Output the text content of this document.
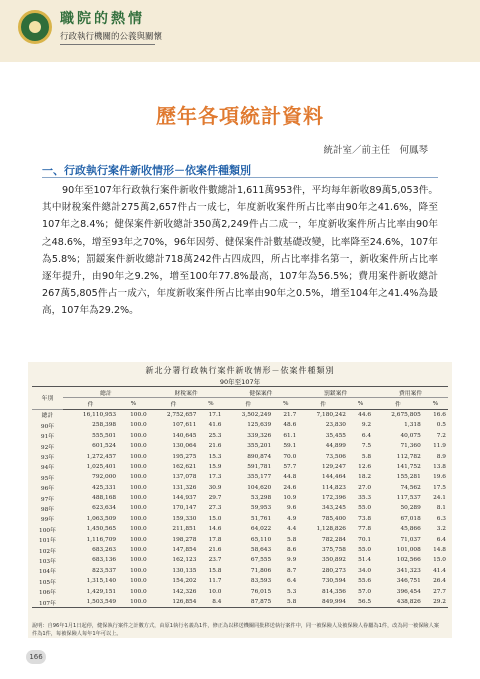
職院的熱情
行政執行機關的公義與關懷
歷年各項統計資料
統計室／前主任　何鳳琴
一、行政執行案件新收情形－依案件種類別
90年至107年行政執行案件新收件數總計1,611萬953件，平均每年新收89萬5,053件。其中財稅案件總計275萬2,657件占一成七，年度新收案件所占比率由90年之41.6%，降至107年之8.4%；健保案件新收總計350萬2,249件占二成一，年度新收案件所占比率由90年之48.6%，增至93年之70%，96年因勞、健保案件計數基礎改變，比率降至24.6%，107年為5.8%；罰鍰案件新收總計718萬242件占四成四，所占比率排名第一，新收案件所占比率逐年提升，由90年之9.2%，增至100年77.8%最高，107年為56.5%；費用案件新收總計267萬5,805件占一成六，年度新收案件所占比率由90年之0.5%，增至104年之41.4%為最高，107年為29.2%。
新北分署行政執行案件新收情形－依案件種類別
90年至107年
年別	總計		財稅案件		健保案件		罰鍰案件		費用案件	
	件	%	件	%	件	%	件	%	件	%
總計	16,110,953	100.0	2,752,657	17.1	3,502,249	21.7	7,180,242	44.6	2,675,805	16.6
90年	258,398	100.0	107,611	41.6	125,639	48.6	23,830	9.2	1,318	0.5
91年	555,501	100.0	140,645	25.3	339,326	61.1	35,455	6.4	40,075	7.2
92年	601,524	100.0	130,064	21.6	355,201	59.1	44,899	7.5	71,360	11.9
93年	1,272,457	100.0	195,275	15.3	890,874	70.0	73,506	5.8	112,782	8.9
94年	1,025,401	100.0	162,621	15.9	591,781	57.7	129,247	12.6	141,752	13.8
95年	792,000	100.0	137,078	17.3	355,177	44.8	144,464	18.2	155,281	19.6
96年	425,331	100.0	131,326	30.9	104,620	24.6	114,823	27.0	74,562	17.5
97年	488,168	100.0	144,937	29.7	53,298	10.9	172,396	35.3	117,537	24.1
98年	623,634	100.0	170,147	27.3	59,953	9.6	343,245	55.0	50,289	8.1
99年	1,063,509	100.0	159,330	15.0	51,761	4.9	785,400	73.8	67,018	6.3
100年	1,450,565	100.0	211,851	14.6	64,022	4.4	1,128,826	77.8	45,866	3.2
101年	1,116,709	100.0	198,278	17.8	65,110	5.8	782,284	70.1	71,037	6.4
102年	683,263	100.0	147,854	21.6	58,643	8.6	375,758	55.0	101,008	14.8
103年	683,136	100.0	162,123	23.7	67,555	9.9	350,892	51.4	102,566	15.0
104年	823,537	100.0	130,135	15.8	71,806	8.7	280,273	34.0	341,323	41.4
105年	1,315,140	100.0	154,202	11.7	83,593	6.4	730,594	55.6	346,751	26.4
106年	1,429,151	100.0	142,326	10.0	76,015	5.3	814,356	57.0	396,454	27.7
107年	1,503,549	100.0	126,854	8.4	87,875	5.8	849,994	56.5	438,826	29.2
說明：自96年1月1日起停，健保執行案件之計數方式，由原1執行名義為1件，修正為以移送機關同批移送執行案件中，同一被保險人及被保險人眷屬為1件，改為同一被保險人案件為1件，每被保險人每年1年可以上。
166
